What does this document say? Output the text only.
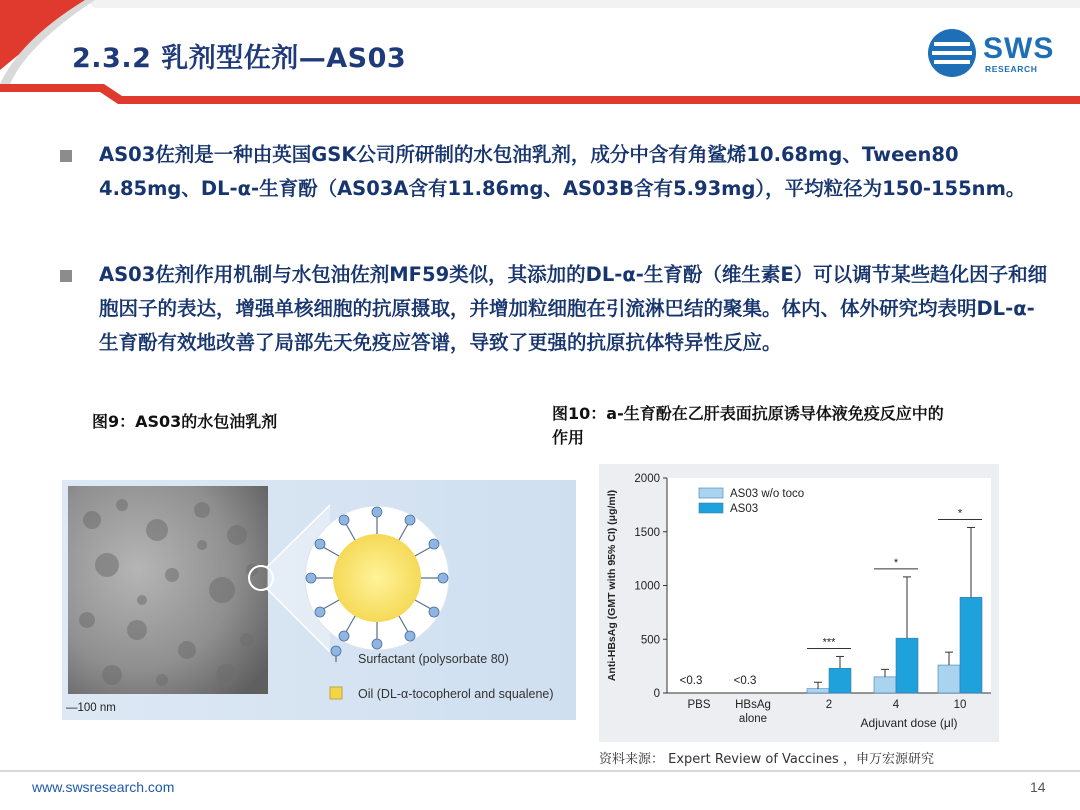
2.3.2 乳剂型佐剂—AS03	SWS
RESEARCH
AS03佐剂是一种由英国GSK公司所研制的水包油乳剂，成分中含有角鲨烯10.68mg、Tween80 4.85mg、DL-α-生育酚（AS03A含有11.86mg、AS03B含有5.93mg），平均粒径为150-155nm。
AS03佐剂作用机制与水包油佐剂MF59类似，其添加的DL-α-生育酚（维生素E）可以调节某些趋化因子和细胞因子的表达，增强单核细胞的抗原摄取，并增加粒细胞在引流淋巴结的聚集。体内、体外研究均表明DL-α-生育酚有效地改善了局部先天免疫应答谱，导致了更强的抗原抗体特异性反应。
图9：AS03的水包油乳剂	图10：a-生育酚在乙肝表面抗原诱导体液免疫反应中的
作用
Surfactant (polysorbate 80)
Oil (DL-α-tocopherol and squalene)
—100 nm
0
500
1000
1500
2000
Anti-HBsAg (GMT with 95% CI) (μg/ml)
PBS
<0.3
HBsAg
alone
<0.3
2
***
4
*
10
*
Adjuvant dose (μl)
AS03 w/o toco
AS03
资料来源： Expert Review of Vaccines ，申万宏源研究
www.swsresearch.com	14
